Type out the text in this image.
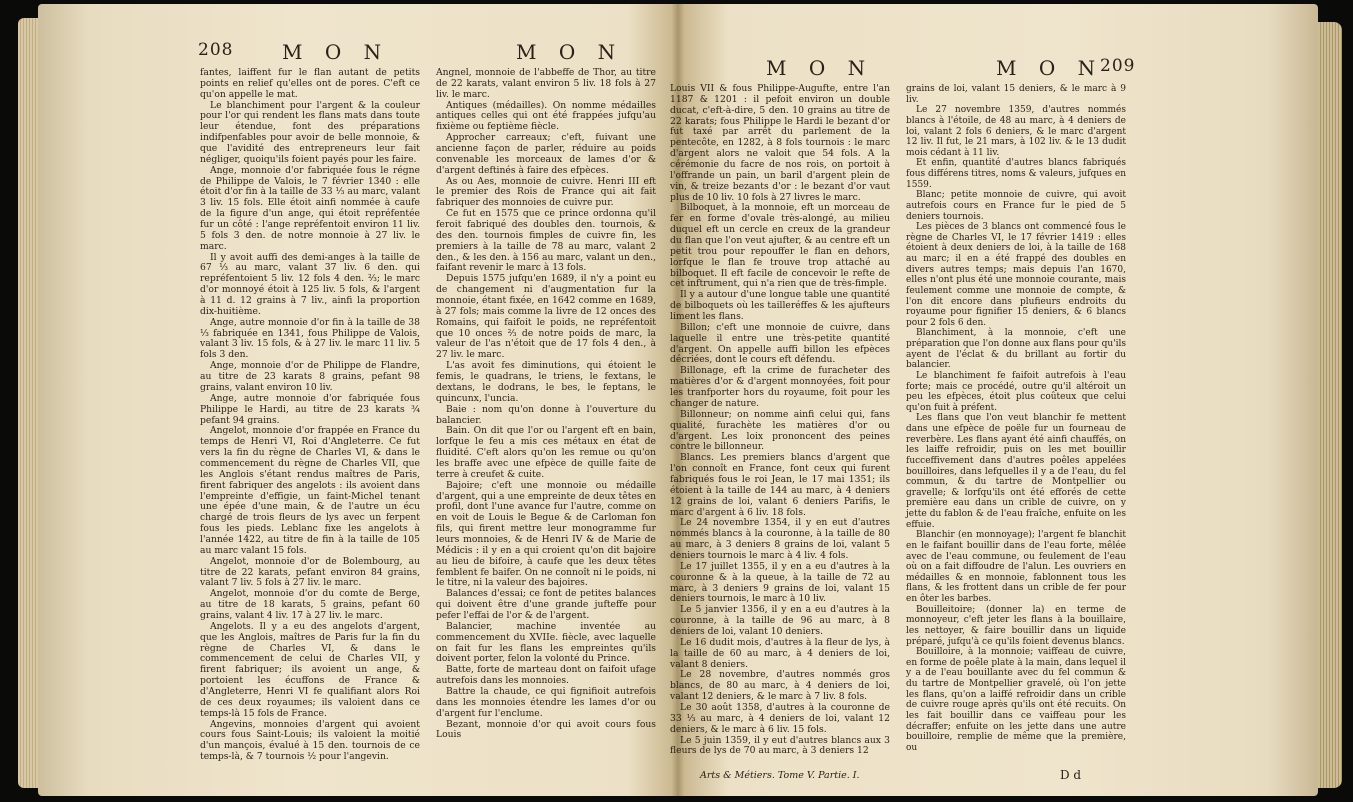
208 M O N	M O N

fantes, laiffent fur le flan autant de petits points en relief qu'elles ont de pores. C'eft ce qu'on appelle le mat.

Le blanchiment pour l'argent & la couleur pour l'or qui rendent les flans mats dans toute leur étendue, font des préparations indifpenfables pour avoir de belle monnoie, & que l'avidité des entrepreneurs leur fait négliger, quoiqu'ils foient payés pour les faire.

Ange, monnoie d'or fabriquée fous le régne de Philippe de Valois, le 7 février 1340 : elle étoit d'or fin à la taille de 33 ⅓ au marc, valant 3 liv. 15 fols. Elle étoit ainfi nommée à caufe de la figure d'un ange, qui étoit repréfentée fur un côté : l'ange repréfentoit environ 11 liv. 5 fols 3 den. de notre monnoie à 27 liv. le marc.

Il y avoit auffi des demi-anges à la taille de 67 ⅓ au marc, valant 37 liv. 6 den. qui repréfentoient 5 liv. 12 fols 4 den. ⅔; le marc d'or monnoyé étoit à 125 liv. 5 fols, & l'argent à 11 d. 12 grains à 7 liv., ainfi la proportion dix-huitième.

Ange, autre monnoie d'or fin à la taille de 38 ⅓ fabriquée en 1341, fous Philippe de Valois, valant 3 liv. 15 fols, & à 27 liv. le marc 11 liv. 5 fols 3 den.

Ange, monnoie d'or de Philippe de Flandre, au titre de 23 karats 8 grains, pefant 98 grains, valant environ 10 liv.

Ange, autre monnoie d'or fabriquée fous Philippe le Hardi, au titre de 23 karats ¾ pefant 94 grains.

Angelot, monnoie d'or frappée en France du temps de Henri VI, Roi d'Angleterre. Ce fut vers la fin du règne de Charles VI, & dans le commencement du règne de Charles VII, que les Anglois s'étant rendus maîtres de Paris, firent fabriquer des angelots : ils avoient dans l'empreinte d'effigie, un faint-Michel tenant une épée d'une main, & de l'autre un écu chargé de trois fleurs de lys avec un ferpent fous les pieds. Leblanc fixe les angelots à l'année 1422, au titre de fin à la taille de 105 au marc valant 15 fols.

Angelot, monnoie d'or de Bolembourg, au titre de 22 karats, pefant environ 84 grains, valant 7 liv. 5 fols à 27 liv. le marc.

Angelot, monnoie d'or du comte de Berge, au titre de 18 karats, 5 grains, pefant 60 grains, valant 4 liv. 17 à 27 liv. le marc.

Angelots. Il y a eu des angelots d'argent, que les Anglois, maîtres de Paris fur la fin du règne de Charles VI, & dans le commencement de celui de Charles VII, y firent fabriquer; ils avoient un ange, & portoient les écuffons de France & d'Angleterre, Henri VI fe qualifiant alors Roi de ces deux royaumes; ils valoient dans ce temps-là 15 fols de France.

Angevins, monnoies d'argent qui avoient cours fous Saint-Louis; ils valoient la moitié d'un mançois, évalué à 15 den. tournois de ce temps-là, & 7 tournois ½ pour l'angevin.

Angnel, monnoie de l'abbeffe de Thor, au titre de 22 karats, valant environ 5 liv. 18 fols à 27 liv. le marc.

Antiques (médailles). On nomme médailles antiques celles qui ont été frappées jufqu'au fixième ou feptième fiècle.

Approcher carreaux; c'eft, fuivant une ancienne façon de parler, réduire au poids convenable les morceaux de lames d'or & d'argent deftinés à faire des efpèces.

As ou Aes, monnoie de cuivre. Henri III eft le premier des Rois de France qui ait fait fabriquer des monnoies de cuivre pur.

Ce fut en 1575 que ce prince ordonna qu'il feroit fabriqué des doubles den. tournois, & des den. tournois fimples de cuivre fin, les premiers à la taille de 78 au marc, valant 2 den., & les den. à 156 au marc, valant un den., faifant revenir le marc à 13 fols.

Depuis 1575 jufqu'en 1689, il n'y a point eu de changement ni d'augmentation fur la monnoie, étant fixée, en 1642 comme en 1689, à 27 fols; mais comme la livre de 12 onces des Romains, qui faifoit le poids, ne repréfentoit que 10 onces ⅔ de notre poids de marc, la valeur de l'as n'étoit que de 17 fols 4 den., à 27 liv. le marc.

L'as avoit fes diminutions, qui étoient le femis, le quadrans, le triens, le fextans, le dextans, le dodrans, le bes, le feptans, le quincunx, l'uncia.

Baie : nom qu'on donne à l'ouverture du balancier.

Bain. On dit que l'or ou l'argent eft en bain, lorfque le feu a mis ces métaux en état de fluidité. C'eft alors qu'on les remue ou qu'on les braffe avec une efpèce de quille faite de terre à creufet & cuite.

Bajoire; c'eft une monnoie ou médaille d'argent, qui a une empreinte de deux têtes en profil, dont l'une avance fur l'autre, comme on en voit de Louis le Begue & de Carloman fon fils, qui firent mettre leur monogramme fur leurs monnoies, & de Henri IV & de Marie de Médicis : il y en a qui croient qu'on dit bajoire au lieu de bifoire, à caufe que les deux têtes femblent fe baifer. On ne connoît ni le poids, ni le titre, ni la valeur des bajoires.

Balances d'essai; ce font de petites balances qui doivent être d'une grande jufteffe pour pefer l'effai de l'or & de l'argent.

Balancier, machine inventée au commencement du XVIIe. fiècle, avec laquelle on fait fur les flans les empreintes qu'ils doivent porter, felon la volonté du Prince.

Batte, forte de marteau dont on faifoit ufage autrefois dans les monnoies.

Battre la chaude, ce qui fignifioit autrefois dans les monnoies étendre les lames d'or ou d'argent fur l'enclume.

Bezant, monnoie d'or qui avoit cours fous Louis

M O N	M O N
209

Louis VII & fous Philippe-Augufte, entre l'an 1187 & 1201 : il pefoit environ un double ducat, c'eft-à-dire, 5 den. 10 grains au titre de 22 karats; fous Philippe le Hardi le bezant d'or fut taxé par arrêt du parlement de la pentecôte, en 1282, à 8 fols tournois : le marc d'argent alors ne valoit que 54 fols. A la cérémonie du facre de nos rois, on portoit à l'offrande un pain, un baril d'argent plein de vin, & treize bezants d'or : le bezant d'or vaut plus de 10 liv. 10 fols à 27 livres le marc.

Bilboquet, à la monnoie, eft un morceau de fer en forme d'ovale très-alongé, au milieu duquel eft un cercle en creux de la grandeur du flan que l'on veut ajufter, & au centre eft un petit trou pour repouffer le flan en dehors, lorfque le flan fe trouve trop attaché au bilboquet. Il eft facile de concevoir le refte de cet inftrument, qui n'a rien que de très-fimple.

Il y a autour d'une longue table une quantité de bilboquets où les tailleréffes & les ajufteurs liment les flans.

Billon; c'eft une monnoie de cuivre, dans laquelle il entre une très-petite quantité d'argent. On appelle auffi billon les efpèces décriées, dont le cours eft défendu.

Billonage, eft la crime de furacheter des matières d'or & d'argent monnoyées, foit pour les tranfporter hors du royaume, foit pour les changer de nature.

Billonneur; on nomme ainfi celui qui, fans qualité, furachète les matières d'or ou d'argent. Les loix prononcent des peines contre le billonneur.

Blancs. Les premiers blancs d'argent que l'on connoît en France, font ceux qui furent fabriqués fous le roi Jean, le 17 mai 1351; ils étoient à la taille de 144 au marc, à 4 deniers 12 grains de loi, valant 6 deniers Parifis, le marc d'argent à 6 liv. 18 fols.

Le 24 novembre 1354, il y en eut d'autres nommés blancs à la couronne, à la taille de 80 au marc, à 3 deniers 8 grains de loi, valant 5 deniers tournois le marc à 4 liv. 4 fols.

Le 17 juillet 1355, il y en a eu d'autres à la couronne & à la queue, à la taille de 72 au marc, à 3 deniers 9 grains de loi, valant 15 deniers tournois, le marc à 10 liv.

Le 5 janvier 1356, il y en a eu d'autres à la couronne, à la taille de 96 au marc, à 8 deniers de loi, valant 10 deniers.

Le 16 dudit mois, d'autres à la fleur de lys, à la taille de 60 au marc, à 4 deniers de loi, valant 8 deniers.

Le 28 novembre, d'autres nommés gros blancs, de 80 au marc, à 4 deniers de loi, valant 12 deniers, & le marc à 7 liv. 8 fols.

Le 30 août 1358, d'autres à la couronne de 33 ⅓ au marc, à 4 deniers de loi, valant 12 deniers, & le marc à 6 liv. 15 fols.

Le 5 juin 1359, il y eut d'autres blancs aux 3 fleurs de lys de 70 au marc, à 3 deniers 12

grains de loi, valant 15 deniers, & le marc à 9 liv.

Le 27 novembre 1359, d'autres nommés blancs à l'étoile, de 48 au marc, à 4 deniers de loi, valant 2 fols 6 deniers, & le marc d'argent 12 liv. Il fut, le 21 mars, à 102 liv. & le 13 dudit mois cédant à 11 liv.

Et enfin, quantité d'autres blancs fabriqués fous différens titres, noms & valeurs, jufques en 1559.

Blanc; petite monnoie de cuivre, qui avoit autrefois cours en France fur le pied de 5 deniers tournois.

Les pièces de 3 blancs ont commencé fous le règne de Charles VI, le 17 février 1419 : elles étoient à deux deniers de loi, à la taille de 168 au marc; il en a été frappé des doubles en divers autres temps; mais depuis l'an 1670, elles n'ont plus été une monnoie courante, mais feulement comme une monnoie de compte, & l'on dit encore dans plufieurs endroits du royaume pour fignifier 15 deniers, & 6 blancs pour 2 fols 6 den.

Blanchiment, à la monnoie, c'eft une préparation que l'on donne aux flans pour qu'ils ayent de l'éclat & du brillant au fortir du balancier.

Le blanchiment fe faifoit autrefois à l'eau forte; mais ce procédé, outre qu'il altéroit un peu les efpèces, étoit plus coûteux que celui qu'on fuit à préfent.

Les flans que l'on veut blanchir fe mettent dans une efpèce de poële fur un fourneau de reverbère. Les flans ayant été ainfi chauffés, on les laiffe refroidir, puis on les met bouillir fucceffivement dans d'autres poêles appelées bouilloires, dans lefquelles il y a de l'eau, du fel commun, & du tartre de Montpellier ou gravelle; & lorfqu'ils ont été efforés de cette première eau dans un crible de cuivre, on y jette du fablon & de l'eau fraîche, enfuite on les effuie.

Blanchir (en monnoyage); l'argent fe blanchit en le faifant bouillir dans de l'eau forte, mêlée avec de l'eau commune, ou feulement de l'eau où on a fait diffoudre de l'alun. Les ouvriers en médailles & en monnoie, fablonnent tous les flans, & les frottent dans un crible de fer pour en ôter les barbes.

Bouilleitoire; (donner la) en terme de monnoyeur, c'eft jeter les flans à la bouillaire, les nettoyer, & faire bouillir dans un liquide préparé, jufqu'à ce qu'ils foient devenus blancs.

Bouilloire, à la monnoie; vaiffeau de cuivre, en forme de poêle plate à la main, dans lequel il y a de l'eau bouillante avec du fel commun & du tartre de Montpellier gravelé, où l'on jette les flans, qu'on a laiffé refroidir dans un crible de cuivre rouge après qu'ils ont été recuits. On les fait bouillir dans ce vaiffeau pour les décraffer; enfuite on les jette dans une autre bouilloire, remplie de même que la première, ou

Arts & Métiers. Tome V. Partie. I.	D d
